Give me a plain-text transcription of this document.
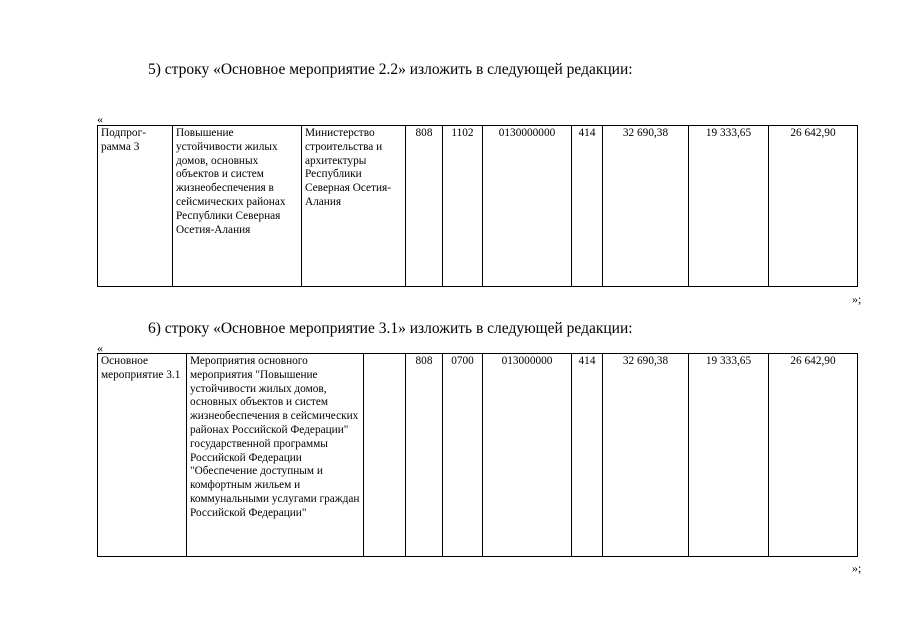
5) строку «Основное мероприятие 2.2» изложить в следующей редакции:
«
Подпрог-рамма 3	Повышение устойчивости жилых домов, основных объектов и систем жизнеобеспечения в сейсмических районах Республики Северная Осетия-Алания	Министерство строительства и архитектуры Республики Северная Осетия-Алания	808	1102	0130000000	414	32 690,38	19 333,65	26 642,90
»;
6) строку «Основное мероприятие 3.1» изложить в следующей редакции:
«
Основное мероприятие 3.1	Мероприятия основного мероприятия "Повышение устойчивости жилых домов, основных объектов и систем жизнеобеспечения в сейсмических районах Российской Федерации" государственной программы Российской Федерации "Обеспечение доступным и комфортным жильем и коммунальными услугами граждан Российской Федерации"		808	0700	013000000	414	32 690,38	19 333,65	26 642,90
»;
